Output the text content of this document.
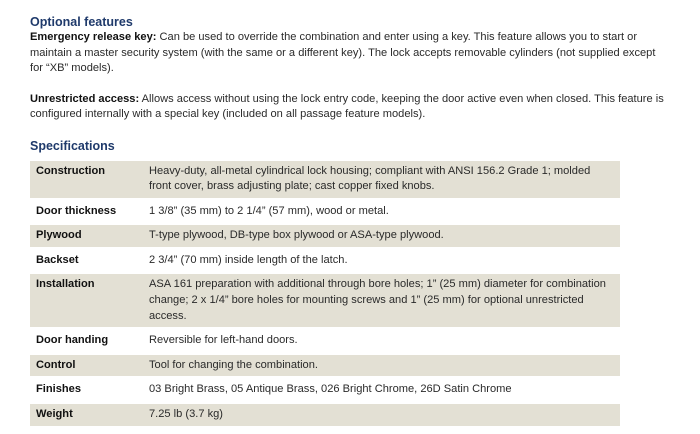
Optional features

Emergency release key: Can be used to override the combination and enter using a key. This feature allows you to start or maintain a master security system (with the same or a different key). The lock accepts removable cylinders (not supplied except for “XB” models).

Unrestricted access: Allows access without using the lock entry code, keeping the door active even when closed. This feature is configured internally with a special key (included on all passage feature models).

Specifications
Construction	Heavy-duty, all-metal cylindrical lock housing; compliant with ANSI 156.2 Grade 1; molded front cover, brass adjusting plate; cast copper fixed knobs.
Door thickness	1 3/8” (35 mm) to 2 1/4” (57 mm), wood or metal.
Plywood	T-type plywood, DB-type box plywood or ASA-type plywood.
Backset	2 3/4” (70 mm) inside length of the latch.
Installation	ASA 161 preparation with additional through bore holes; 1” (25 mm) diameter for combination change; 2 x 1/4” bore holes for mounting screws and 1” (25 mm) for optional unrestricted access.
Door handing	Reversible for left-hand doors.
Control	Tool for changing the combination.
Finishes	03 Bright Brass, 05 Antique Brass, 026 Bright Chrome, 26D Satin Chrome
Weight	7.25 lb (3.7 kg)
